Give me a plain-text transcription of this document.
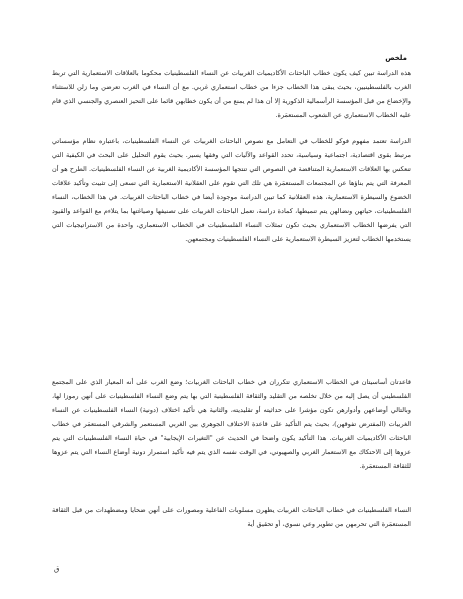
ملخص

هذه الدراسة تبين كيف يكون خطاب الباحثات الأكاديميات الغربيات عن النساء الفلسطينيات محكوما بالعلاقات الاستعمارية التي تربط الغرب بالفلسطينيين، بحيث يبقى هذا الخطاب جزءا من خطاب استعماري غربي. مع أن النساء في الغرب تعرضن وما زلن للاستثناء والإخضاع من قبل المؤسسة الرأسمالية الذكورية إلا أن هذا لم يمنع من أن يكون خطابهن قائما على التحيز العنصري والجنسي الذي قام عليه الخطاب الاستعماري عن الشعوب المستعمَرة.

الدراسة تعتمد مفهوم فوكو للخطاب في التعامل مع نصوص الباحثات الغربيات عن النساء الفلسطينيات، باعتباره نظام مؤسساتي مرتبط بقوى اقتصادية، اجتماعية وسياسية، تحدد القواعد والآليات التي وفقها يسير. بحيث يقوم التحليل على البحث في الكيفية التي تنعكس بها العلاقات الاستعمارية المتناقضة في النصوص التي تنتجها المؤسسة الأكاديمية الغربية عن النساء الفلسطينيات. الطرح هو أن المعرفة التي يتم بناؤها عن المجتمعات المستعمَرة هي تلك التي تقوم على العقلانية الاستعمارية التي تسعى إلى تثبيت وتأكيد علاقات الخضوع والسيطرة الاستعمارية، هذه العقلانية كما تبين الدراسة موجودة أيضا في خطاب الباحثات الغربيات. في هذا الخطاب، النساء الفلسطينيات، حياتهن ونضالهن يتم تنميطها، كمادة دراسة، تعمل الباحثات الغربيات على تصنيفها وصياغتها بما يتلاءم مع القواعد والقيود التي يفرضها الخطاب الاستعماري بحيث تكون تمثلات النساء الفلسطينيات في الخطاب الاستعماري، واحدة من الاستراتيجيات التي يستخدمها الخطاب لتعزيز السيطرة الاستعمارية على النساء الفلسطينيات ومجتمعهن.

قاعدتان أساسيتان في الخطاب الاستعماري تتكرران في خطاب الباحثات الغربيات؛ وضع الغرب على أنه المعيار الذي على المجتمع الفلسطيني أن يصل إليه من خلال تخلصه من التقليد والثقافة الفلسطينية التي بها يتم وضع النساء الفلسطينيات على أنهن رموزا لها، وبالتالي أوضاعهن وأدوارهن تكون مؤشرا على حداثيته أو تقليديته، والثانية هي تأكيد اختلاف (دونية) النساء الفلسطينيات عن النساء الغربيات (المفترض تفوقهن)، بحيث يتم التأكيد على قاعدة الاختلاف الجوهري بين الغربي المستعمر والشرقي المستعمَر في خطاب الباحثات الأكاديميات الغربيات. هذا التأكيد يكون واضحا في الحديث عن "التغيرات الإيجابية" في حياة النساء الفلسطينيات التي يتم عزوها إلى الاحتكاك مع الاستعمار الغربي والصهيوني، في الوقت نفسه الذي يتم فيه تأكيد استمرار دونية أوضاع النساء التي يتم عزوها للثقافة المستعمَرة.

النساء الفلسطينيات في خطاب الباحثات الغربيات يظهرن مسلوبات الفاعلية ومصورات على أنهن ضحايا ومضطهدات من قبل الثقافة المستعمَرة التي تحرمهن من تطوير وعي نسوي، أو تحقيق أية

ق
